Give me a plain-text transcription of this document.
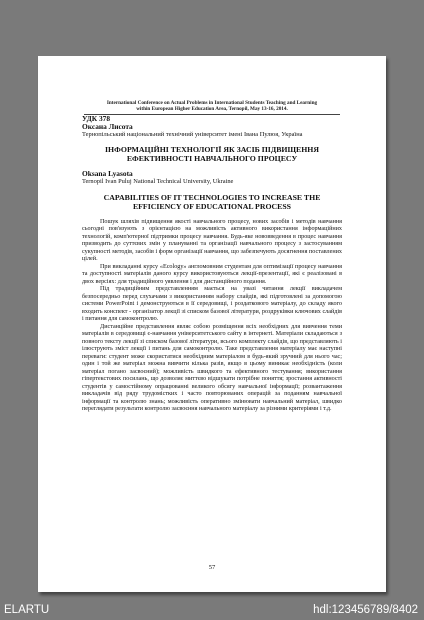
International Conference on Actual Problems in International Students Teaching and Learning
within European Higher Education Area, Ternopil, May 13-16, 2014.
УДК 378
Оксана Лисота
Тернопільський національний технічний університет імені Івана Пулюя, Україна
ІНФОРМАЦІЙНІ ТЕХНОЛОГІЇ ЯК ЗАСІБ ПІДВИЩЕННЯ ЕФЕКТИВНОСТІ НАВЧАЛЬНОГО ПРОЦЕСУ
Oksana Lyasota
Ternopil Ivan Puluj National Technical University, Ukraine
CAPABILITIES OF IT TECHNOLOGIES TO INCREASE THE EFFICIENCY OF EDUCATIONAL PROCESS

Пошук шляхів підвищення якості навчального процесу, нових засобів і методів навчання сьогодні пов'язують з орієнтацією на можливість активного використання інформаційних технологій, комп'ютерної підтримки процесу навчання. Будь-яке нововведення в процес навчання призводить до суттєвих змін у плануванні та організації навчального процесу з застосуванням сукупності методів, засобів і форм організації навчання, що забезпечують досягнення поставлених цілей.

При викладанні курсу «Ecology» англомовним студентам для оптимізації процесу навчання та доступності матеріалів даного курсу використовуються лекції-презентації, які є реалізовані в двох версіях: для традиційного уявлення і для дистанційного подання.

Під традиційним представленням мається на увазі читання лекції викладачем безпосередньо перед слухачами з використанням набору слайдів, які підготовлені за допомогою системи PowerPoint і демонструються в її середовищі, і роздаткового матеріалу, до складу якого входить конспект - організатор лекції зі списком базової літератури, роздруківки ключових слайдів і питання для самоконтролю.

Дистанційне представлення являє собою розміщення всіх необхідних для вивчення теми матеріалів в середовищі є-навчання університетського сайту в інтернеті. Матеріали складаються з повного тексту лекції зі списком базової літератури, всього комплекту слайдів, що представляють і ілюструють зміст лекції і питань для самоконтролю. Таке представлення матеріалу має наступні переваги: студент може скористатися необхідним матеріалом в будь-який зручний для нього час; один і той же матеріал можна вивчити кілька разів, якщо в цьому виникає необхідність (коли матеріал погано засвоєний); можливість швидкого та ефективного тестування; використання гіпертекстових посилань, що дозволяє миттєво відшукати потрібне поняття; зростання активності студентів у самостійному опрацюванні великого обсягу навчальної інформації; розвантаження викладачів від ряду трудомістких і часто повторюваних операцій за поданням навчальної інформації та контролю знань; можливість оперативно змінювати навчальний матеріал, швидко переглядати результати контролю засвоєння навчального матеріалу за різними критеріями і т.д.

57
ELARTU	hdl:123456789/8402
